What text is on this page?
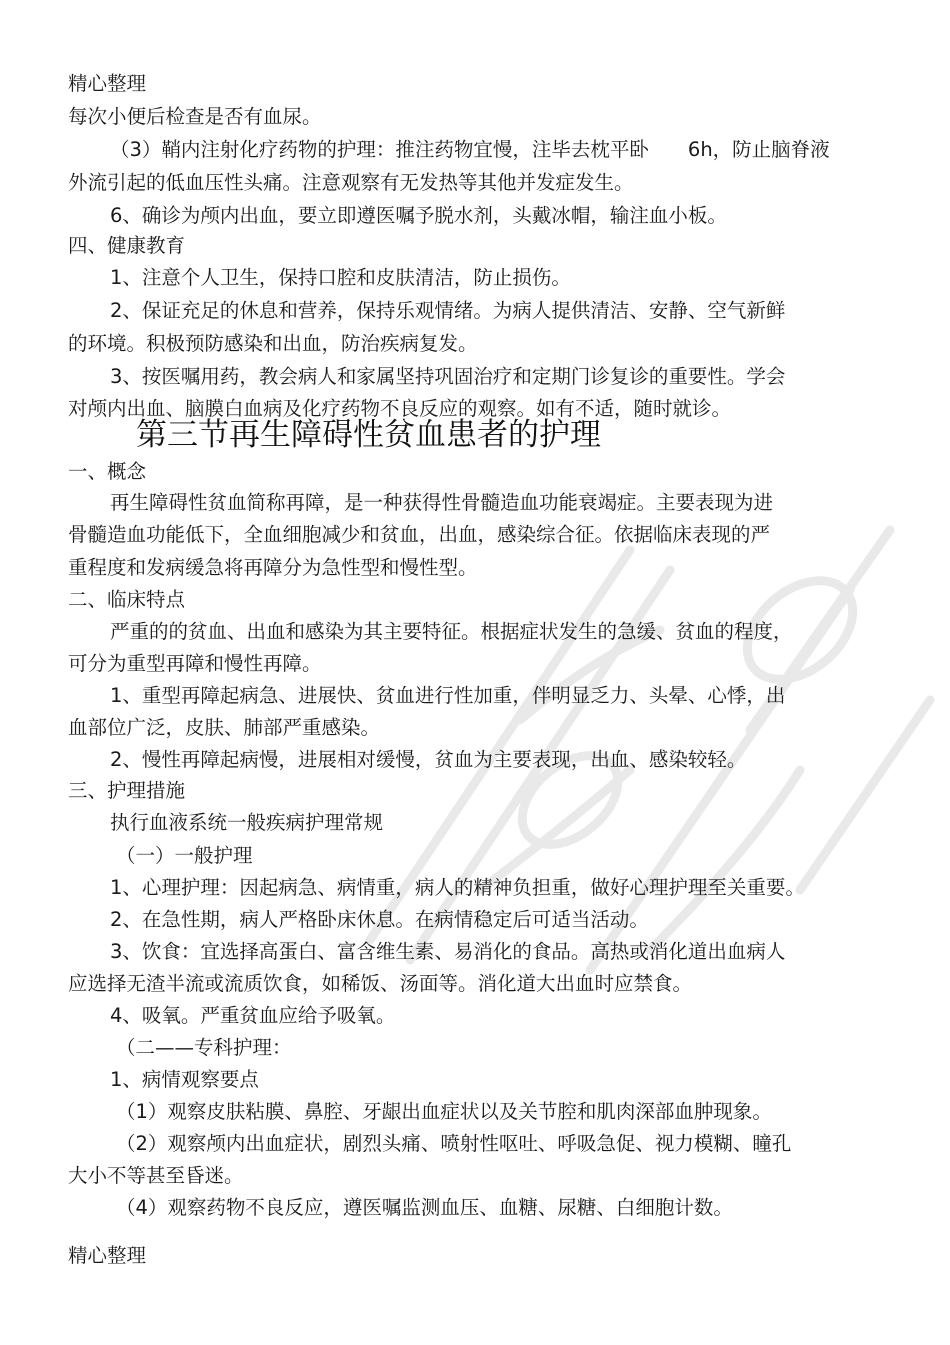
精心整理
每次小便后检查是否有血尿。
（3）鞘内注射化疗药物的护理：推注药物宜慢，注毕去枕平卧　　6h，防止脑脊液
外流引起的低血压性头痛。注意观察有无发热等其他并发症发生。
6、确诊为颅内出血，要立即遵医嘱予脱水剂，头戴冰帽，输注血小板。
四、健康教育
1、注意个人卫生，保持口腔和皮肤清洁，防止损伤。
2、保证充足的休息和营养，保持乐观情绪。为病人提供清洁、安静、空气新鲜
的环境。积极预防感染和出血，防治疾病复发。
3、按医嘱用药，教会病人和家属坚持巩固治疗和定期门诊复诊的重要性。学会
对颅内出血、脑膜白血病及化疗药物不良反应的观察。如有不适，随时就诊。
第三节再生障碍性贫血患者的护理
一、概念
再生障碍性贫血简称再障，是一种获得性骨髓造血功能衰竭症。主要表现为进
骨髓造血功能低下，全血细胞减少和贫血，出血，感染综合征。依据临床表现的严
重程度和发病缓急将再障分为急性型和慢性型。
二、临床特点
严重的的贫血、出血和感染为其主要特征。根据症状发生的急缓、贫血的程度，
可分为重型再障和慢性再障。
1、重型再障起病急、进展快、贫血进行性加重，伴明显乏力、头晕、心悸，出
血部位广泛，皮肤、肺部严重感染。
2、慢性再障起病慢，进展相对缓慢，贫血为主要表现，出血、感染较轻。
三、护理措施
执行血液系统一般疾病护理常规
（一）一般护理
1、心理护理：因起病急、病情重，病人的精神负担重，做好心理护理至关重要。
2、在急性期，病人严格卧床休息。在病情稳定后可适当活动。
3、饮食：宜选择高蛋白、富含维生素、易消化的食品。高热或消化道出血病人
应选择无渣半流或流质饮食，如稀饭、汤面等。消化道大出血时应禁食。
4、吸氧。严重贫血应给予吸氧。
（二——专科护理：
1、病情观察要点
（1）观察皮肤粘膜、鼻腔、牙龈出血症状以及关节腔和肌肉深部血肿现象。
（2）观察颅内出血症状，剧烈头痛、喷射性呕吐、呼吸急促、视力模糊、瞳孔
大小不等甚至昏迷。
（4）观察药物不良反应，遵医嘱监测血压、血糖、尿糖、白细胞计数。
精心整理
